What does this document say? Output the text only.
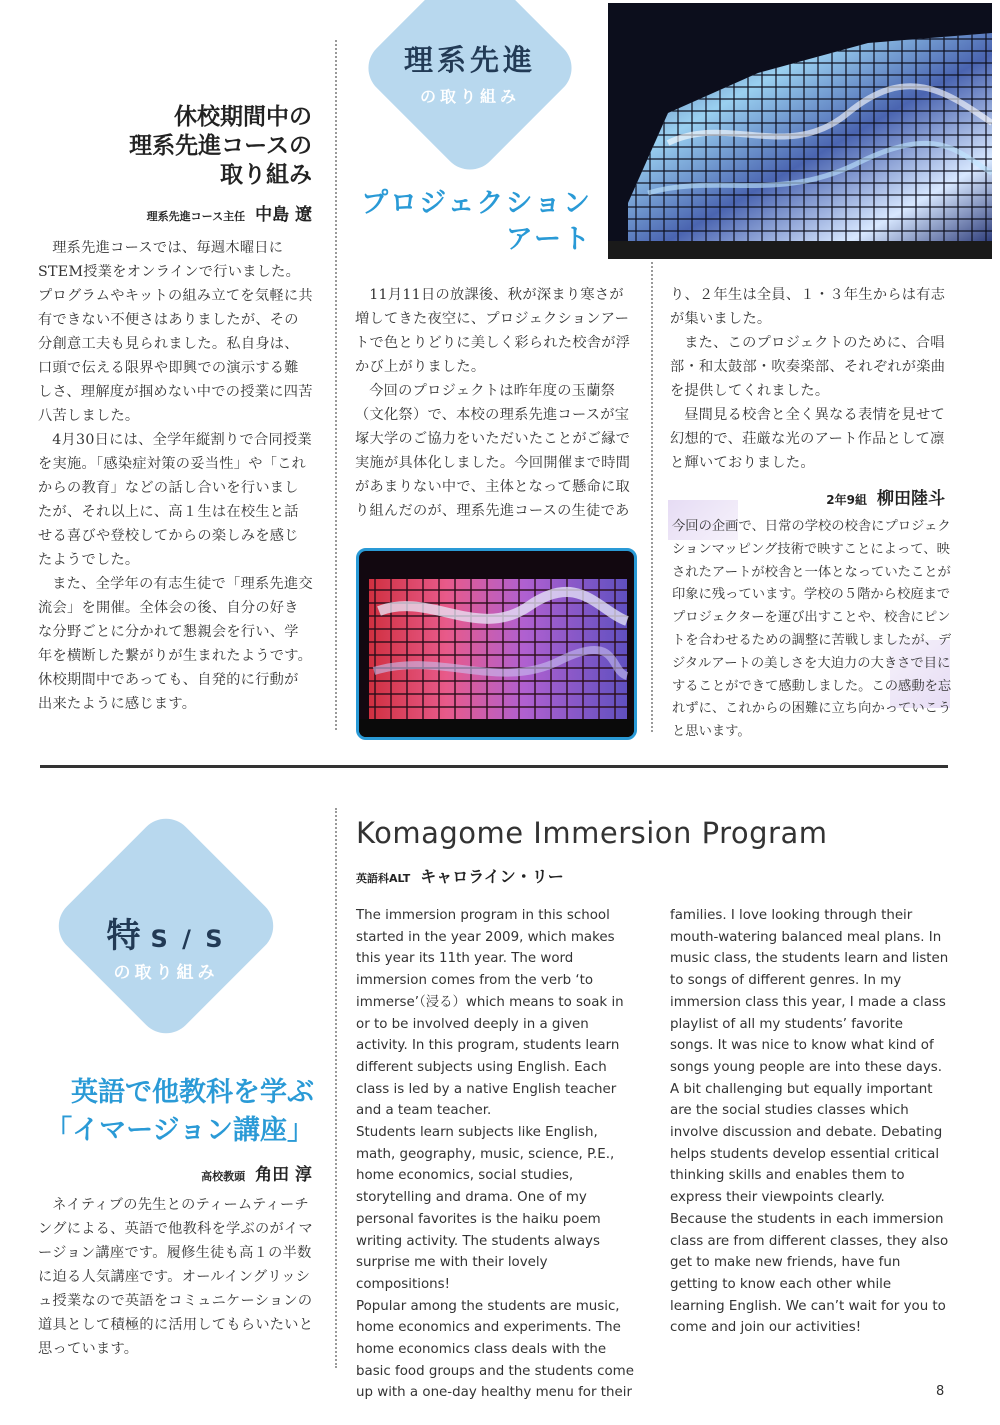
休校期間中の
理系先進コースの
取り組み
理系先進コース主任 中島 遼

理系先進コースでは、毎週木曜日にSTEM授業をオンラインで行いました。プログラムやキットの組み立てを気軽に共有できない不便さはありましたが、その分創意工夫も見られました。私自身は、口頭で伝える限界や即興での演示する難しさ、理解度が掴めない中での授業に四苦八苦しました。

4月30日には、全学年縦割りで合同授業を実施。「感染症対策の妥当性」や「これからの教育」などの話し合いを行いましたが、それ以上に、高１生は在校生と話せる喜びや登校してからの楽しみを感じたようでした。

また、全学年の有志生徒で「理系先進交流会」を開催。全体会の後、自分の好きな分野ごとに分かれて懇親会を行い、学年を横断した繋がりが生まれたようです。休校期間中であっても、自発的に行動が出来たように感じます。

理系先進
の取り組み
プロジェクション
アート

11月11日の放課後、秋が深まり寒さが増してきた夜空に、プロジェクションアートで色とりどりに美しく彩られた校舎が浮かび上がりました。

今回のプロジェクトは昨年度の玉蘭祭（文化祭）で、本校の理系先進コースが宝塚大学のご協力をいただいたことがご縁で実施が具体化しました。今回開催まで時間があまりない中で、主体となって懸命に取り組んだのが、理系先進コースの生徒であ

り、２年生は全員、１・３年生からは有志が集いました。

また、このプロジェクトのために、合唱部・和太鼓部・吹奏楽部、それぞれが楽曲を提供してくれました。

昼間見る校舎と全く異なる表情を見せて幻想的で、荘厳な光のアート作品として凛と輝いておりました。

2年9組 柳田陸斗
今回の企画で、日常の学校の校舎にプロジェクションマッピング技術で映すことによって、映されたアートが校舎と一体となっていたことが印象に残っています。学校の５階から校庭までプロジェクターを運び出すことや、校舎にピントを合わせるための調整に苦戦しましたが、デジタルアートの美しさを大迫力の大きさで目にすることができて感動しました。この感動を忘れずに、これからの困難に立ち向かっていこうと思います。
特 S / S
の取り組み
英語で他教科を学ぶ
「イマージョン講座」
高校教頭 角田 淳
ネイティブの先生とのティームティーチングによる、英語で他教科を学ぶのがイマージョン講座です。履修生徒も高１の半数に迫る人気講座です。オールイングリッシュ授業なので英語をコミュニケーションの道具として積極的に活用してもらいたいと思っています。
Komagome Immersion Program
英語科ALT キャロライン・リー

The immersion program in this school started in the year 2009, which makes this year its 11th year. The word immersion comes from the verb ‘to immerse’（浸る）which means to soak in or to be involved deeply in a given activity. In this program, students learn different subjects using English. Each class is led by a native English teacher and a team teacher.

Students learn subjects like English, math, geography, music, science, P.E., home economics, social studies, storytelling and drama. One of my personal favorites is the haiku poem writing activity. The students always surprise me with their lovely compositions!

Popular among the students are music, home economics and experiments. The home economics class deals with the basic food groups and the students come up with a one-day healthy menu for their

families. I love looking through their mouth-watering balanced meal plans. In music class, the students learn and listen to songs of different genres. In my immersion class this year, I made a class playlist of all my students’ favorite songs. It was nice to know what kind of songs young people are into these days. A bit challenging but equally important are the social studies classes which involve discussion and debate. Debating helps students develop essential critical thinking skills and enables them to express their viewpoints clearly.

Because the students in each immersion class are from different classes, they also get to make new friends, have fun getting to know each other while learning English. We can’t wait for you to come and join our activities!

8
